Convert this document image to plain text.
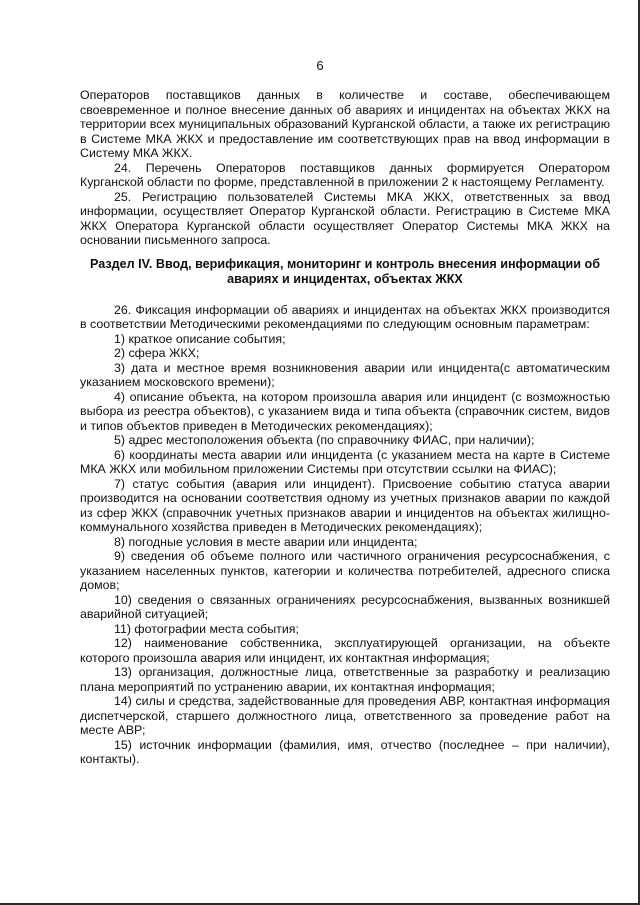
6

Операторов поставщиков данных в количестве и составе, обеспечивающем своевременное и полное внесение данных об авариях и инцидентах на объектах ЖКХ на территории всех муниципальных образований Курганской области, а также их регистрацию в Системе МКА ЖКХ и предоставление им соответствующих прав на ввод информации в Систему МКА ЖКХ.

24. Перечень Операторов поставщиков данных формируется Оператором Курганской области по форме, представленной в приложении 2 к настоящему Регламенту.

25. Регистрацию пользователей Системы МКА ЖКХ, ответственных за ввод информации, осуществляет Оператор Курганской области. Регистрацию в Системе МКА ЖКХ Оператора Курганской области осуществляет Оператор Системы МКА ЖКХ на основании письменного запроса.

Раздел IV. Ввод, верификация, мониторинг и контроль внесения информации об авариях и инцидентах, объектах ЖКХ

26. Фиксация информации об авариях и инцидентах на объектах ЖКХ производится в соответствии Методическими рекомендациями по следующим основным параметрам:

1) краткое описание события;

2) сфера ЖКХ;

3) дата и местное время возникновения аварии или инцидента(с автоматическим указанием московского времени);

4) описание объекта, на котором произошла авария или инцидент (с возможностью выбора из реестра объектов), с указанием вида и типа объекта (справочник систем, видов и типов объектов приведен в Методических рекомендациях);

5) адрес местоположения объекта (по справочнику ФИАС, при наличии);

6) координаты места аварии или инцидента (с указанием места на карте в Системе МКА ЖКХ или мобильном приложении Системы при отсутствии ссылки на ФИАС);

7) статус события (авария или инцидент). Присвоение событию статуса аварии производится на основании соответствия одному из учетных признаков аварии по каждой из сфер ЖКХ (справочник учетных признаков аварии и инцидентов на объектах жилищно-коммунального хозяйства приведен в Методических рекомендациях);

8) погодные условия в месте аварии или инцидента;

9) сведения об объеме полного или частичного ограничения ресурсоснабжения, с указанием населенных пунктов, категории и количества потребителей, адресного списка домов;

10) сведения о связанных ограничениях ресурсоснабжения, вызванных возникшей аварийной ситуацией;

11) фотографии места события;

12) наименование собственника, эксплуатирующей организации, на объекте которого произошла авария или инцидент, их контактная информация;

13) организация, должностные лица, ответственные за разработку и реализацию плана мероприятий по устранению аварии, их контактная информация;

14) силы и средства, задействованные для проведения АВР, контактная информация диспетчерской, старшего должностного лица, ответственного за проведение работ на месте АВР;

15) источник информации (фамилия, имя, отчество (последнее – при наличии), контакты).
